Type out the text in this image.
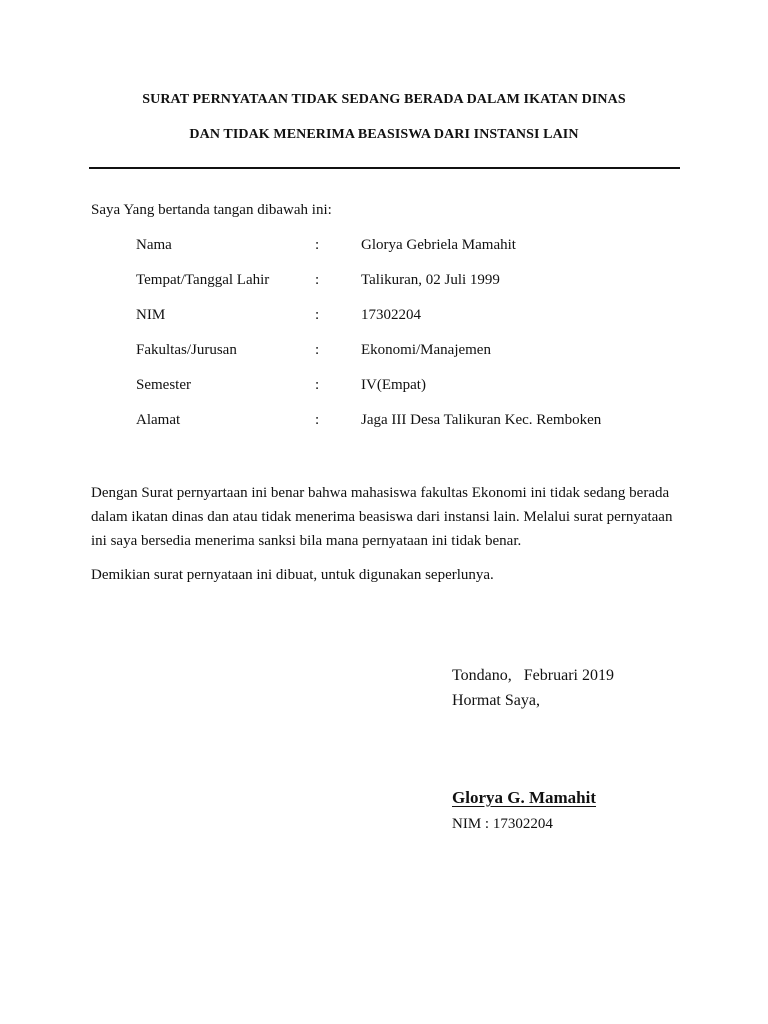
SURAT PERNYATAAN TIDAK SEDANG BERADA DALAM IKATAN DINAS
DAN TIDAK MENERIMA BEASISWA DARI INSTANSI LAIN
Saya Yang bertanda tangan dibawah ini:
Nama	:	Glorya Gebriela Mamahit
Tempat/Tanggal Lahir	:	Talikuran, 02 Juli 1999
NIM	:	17302204
Fakultas/Jurusan	:	Ekonomi/Manajemen
Semester	:	IV(Empat)
Alamat	:	Jaga III Desa Talikuran Kec. Remboken
Dengan Surat pernyartaan ini benar bahwa mahasiswa fakultas Ekonomi ini tidak sedang berada dalam ikatan dinas dan atau tidak menerima beasiswa dari instansi lain. Melalui surat pernyataan ini saya bersedia menerima sanksi bila mana pernyataan ini tidak benar.
Demikian surat pernyataan ini dibuat, untuk digunakan seperlunya.
Tondano,   Februari 2019
Hormat Saya,
Glorya G. Mamahit
NIM : 17302204
